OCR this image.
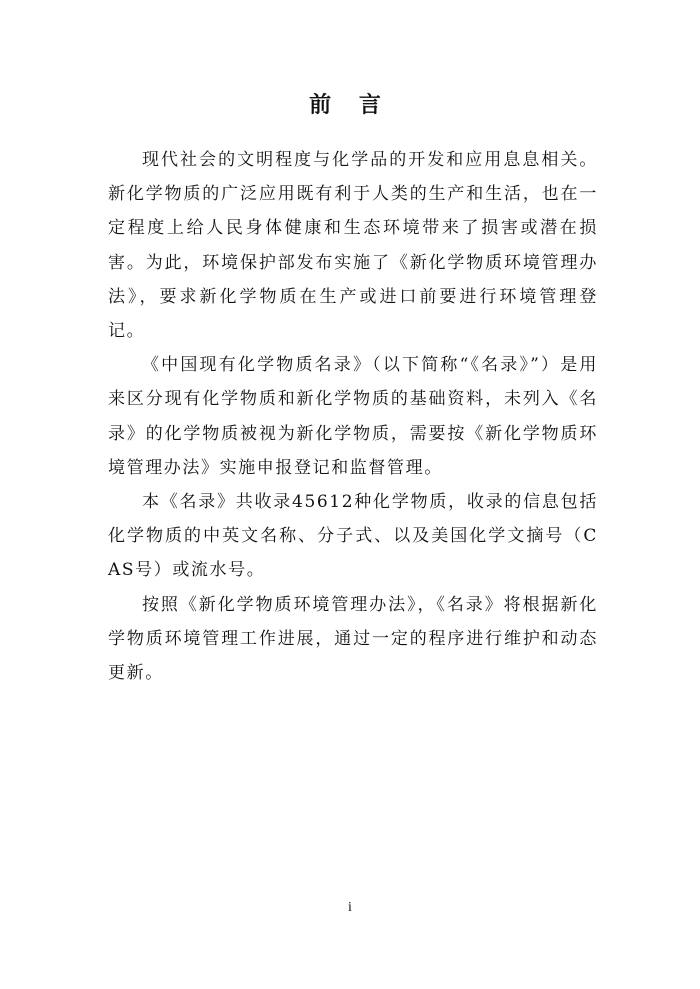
前 言

现代社会的文明程度与化学品的开发和应用息息相关。新化学物质的广泛应用既有利于人类的生产和生活，也在一定程度上给人民身体健康和生态环境带来了损害或潜在损害。为此，环境保护部发布实施了《新化学物质环境管理办法》，要求新化学物质在生产或进口前要进行环境管理登记。

《中国现有化学物质名录》（以下简称“《名录》”）是用来区分现有化学物质和新化学物质的基础资料，未列入《名录》的化学物质被视为新化学物质，需要按《新化学物质环境管理办法》实施申报登记和监督管理。

本《名录》共收录45612种化学物质，收录的信息包括化学物质的中英文名称、分子式、以及美国化学文摘号（CAS号）或流水号。

按照《新化学物质环境管理办法》，《名录》将根据新化学物质环境管理工作进展，通过一定的程序进行维护和动态更新。

i
